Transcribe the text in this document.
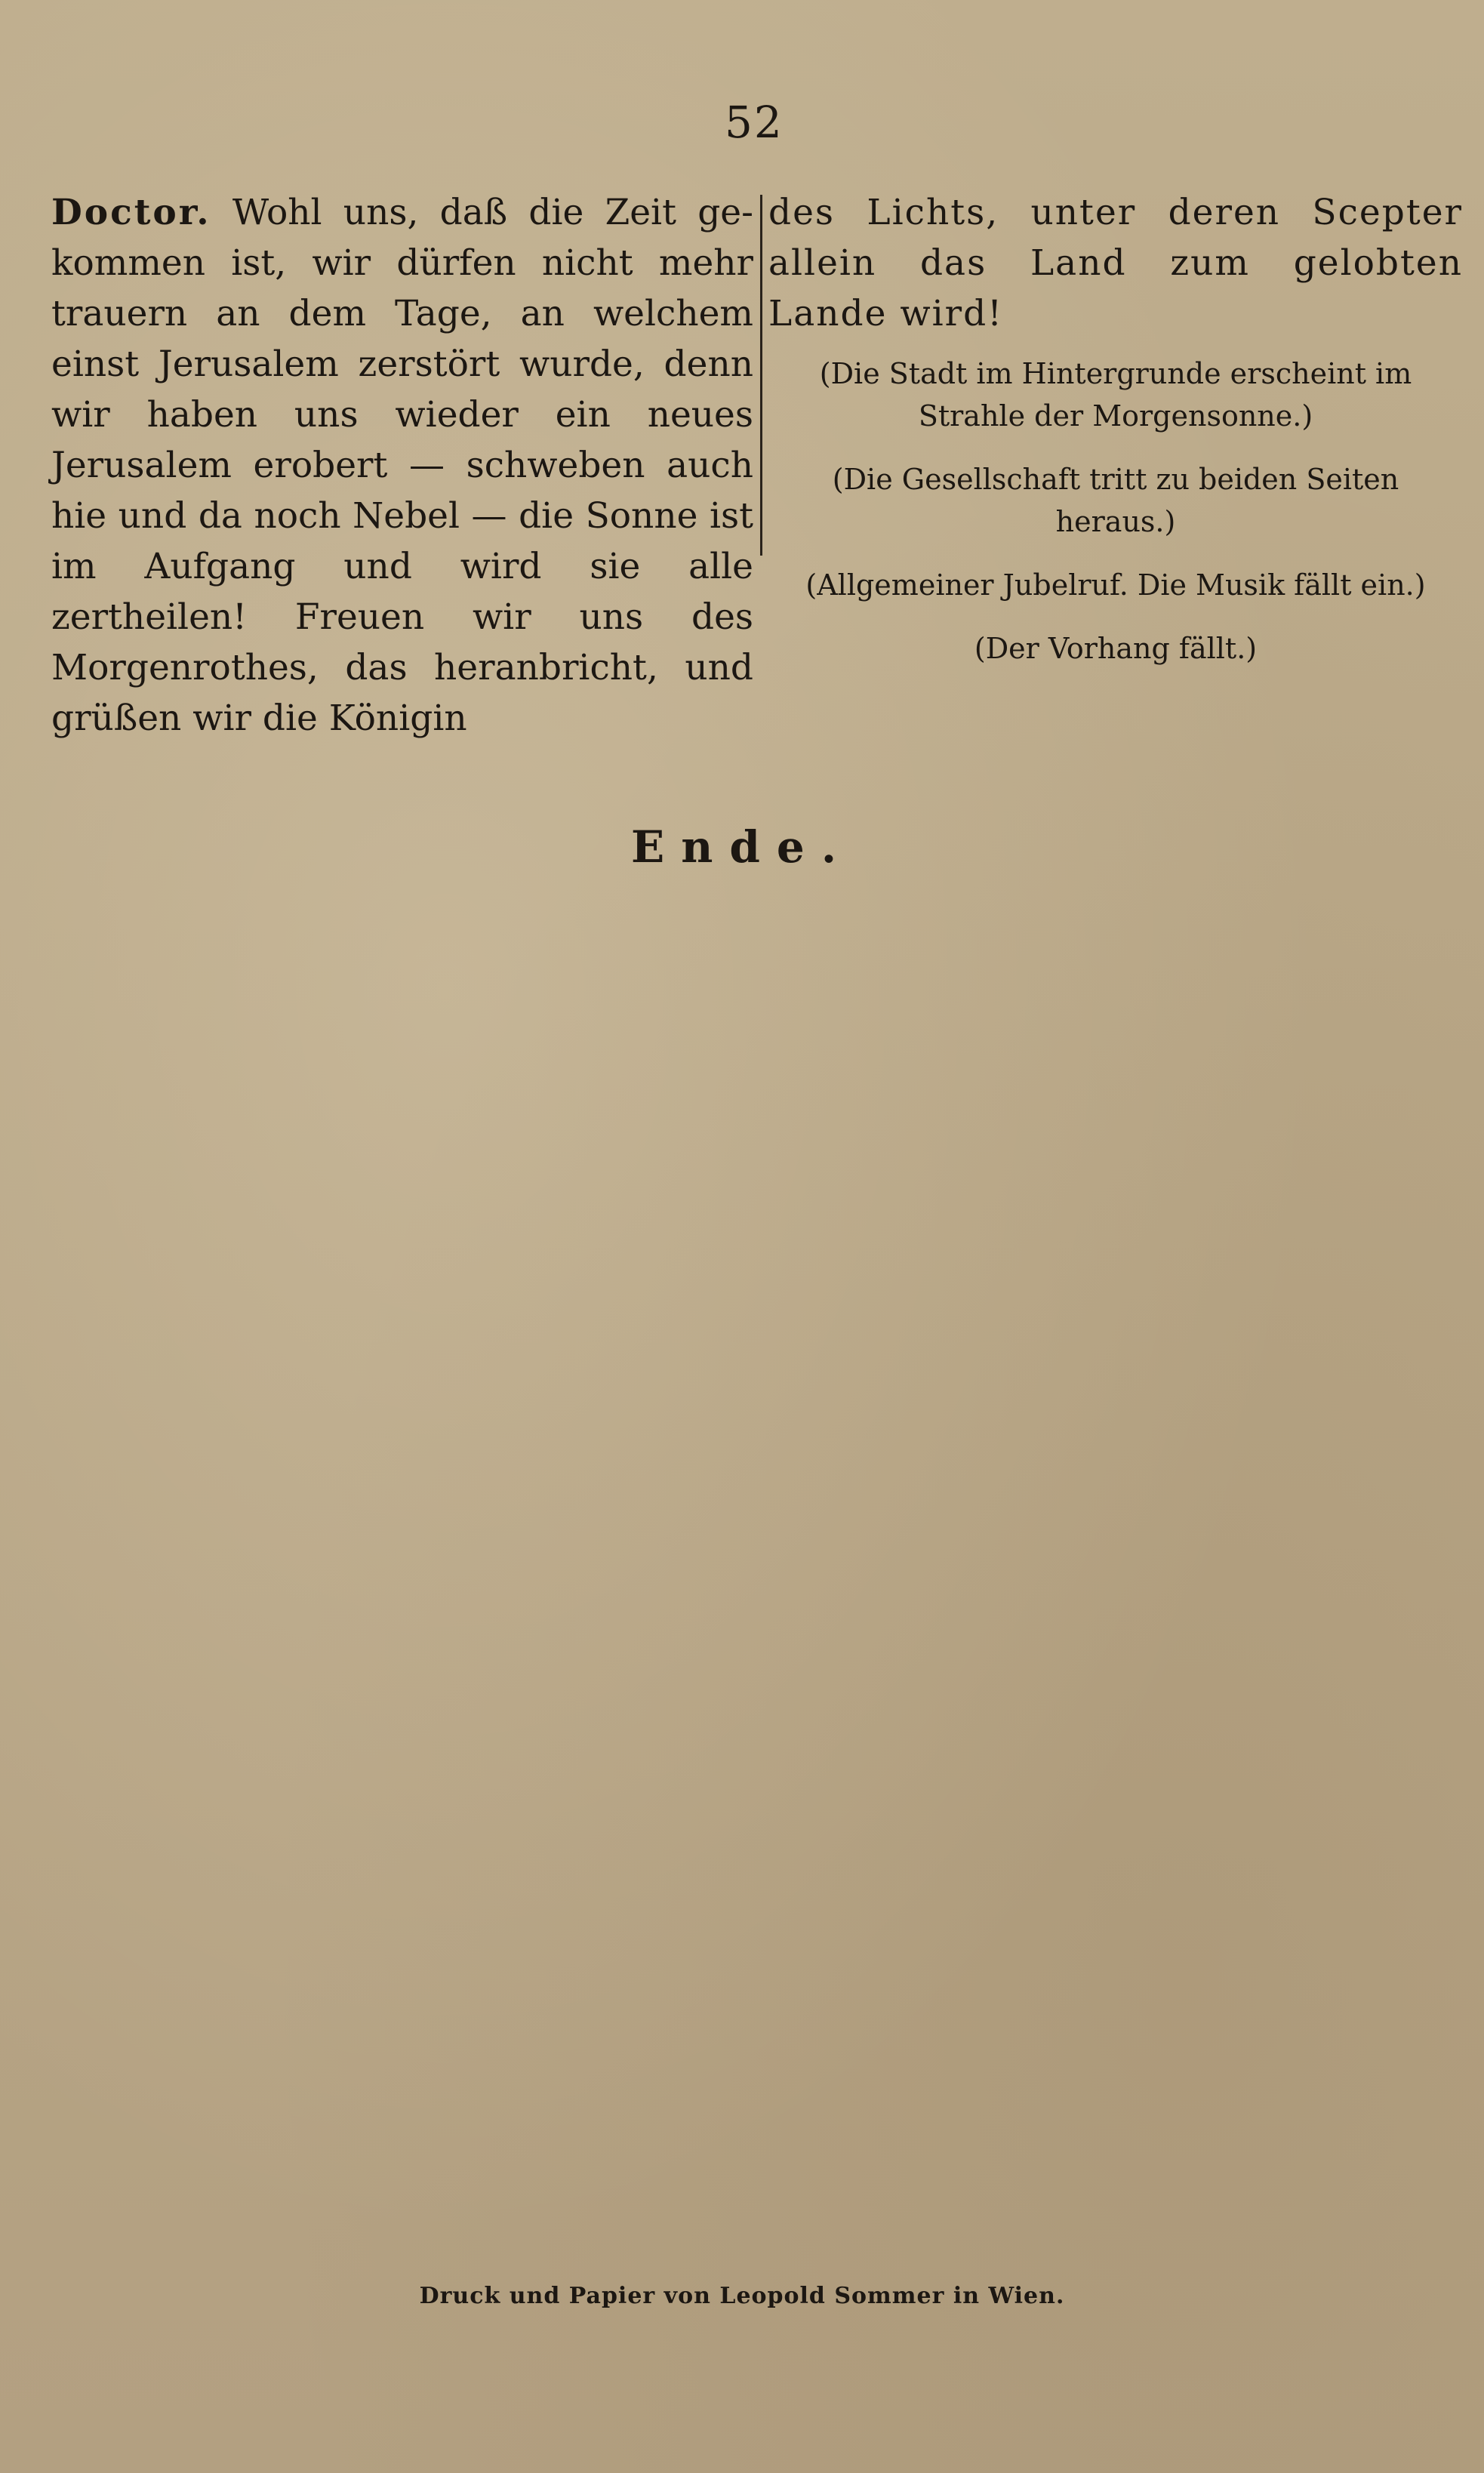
52
Doctor. Wohl uns, daß die Zeit ge-kommen ist, wir dürfen nicht mehr trauern an dem Tage, an welchem einst Jerusalem zerstört wurde, denn wir haben uns wieder ein neues Jerusalem erobert — schweben auch hie und da noch Nebel — die Sonne ist im Aufgang und wird sie alle zertheilen! Freuen wir uns des Morgenrothes, das heranbricht, und grüßen wir die Königin
des Lichts, unter deren Scepter allein das Land zum gelobten Lande wird!
(Die Stadt im Hintergrunde erscheint im Strahle der Morgensonne.)
(Die Gesellschaft tritt zu beiden Seiten heraus.)
(Allgemeiner Jubelruf. Die Musik fällt ein.)
(Der Vorhang fällt.)
Ende.
Druck und Papier von Leopold Sommer in Wien.
